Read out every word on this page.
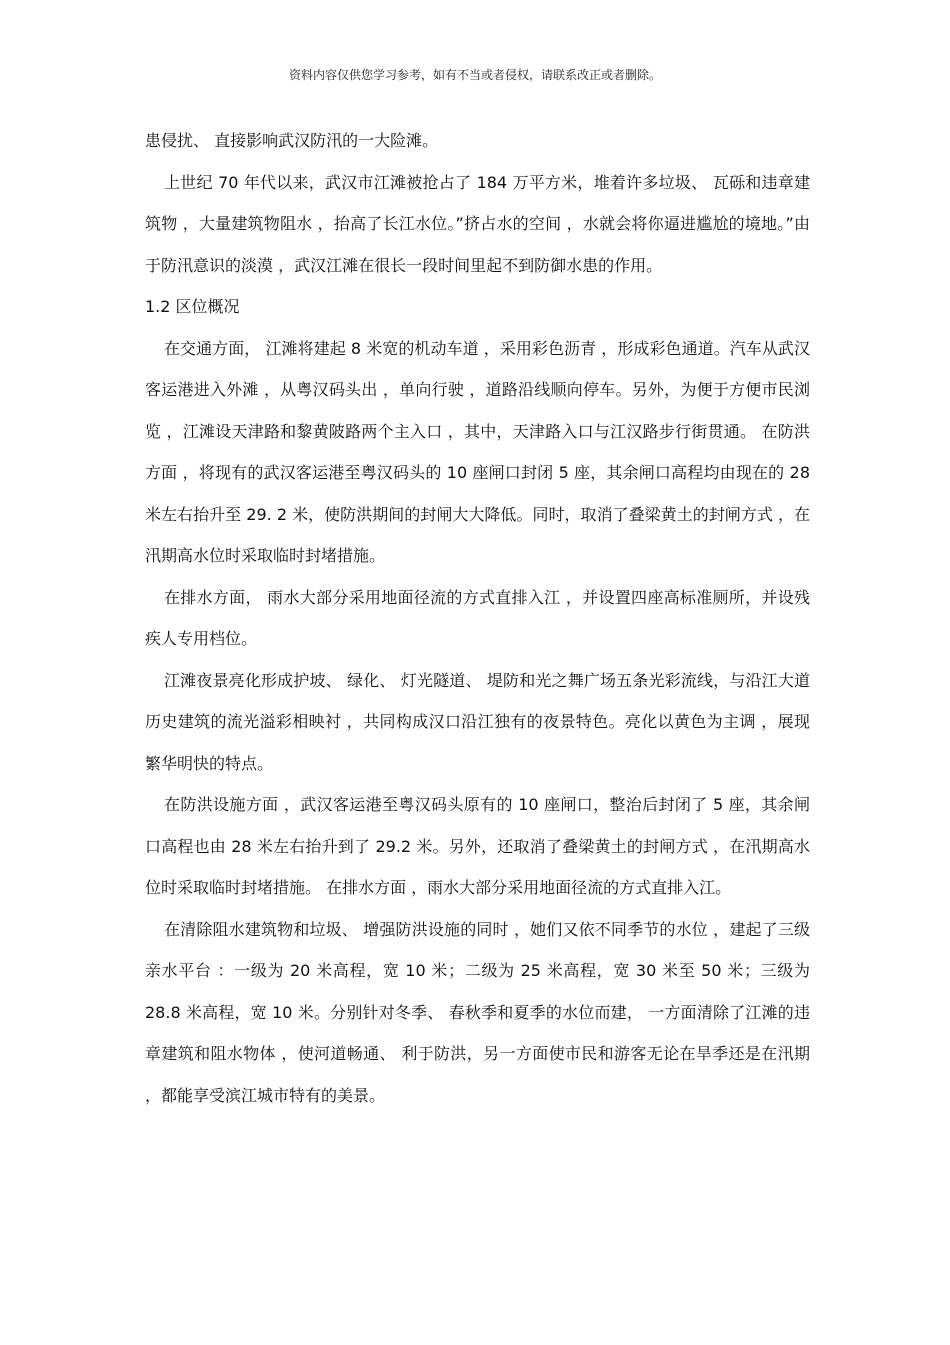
资料内容仅供您学习参考，如有不当或者侵权，请联系改正或者删除。

患侵扰、 直接影响武汉防汛的一大险滩。

上世纪 70 年代以来，武汉市江滩被抢占了 184 万平方米，堆着许多垃圾、 瓦砾和违章建筑物 ，大量建筑物阻水 ，抬高了长江水位。”挤占水的空间 ，水就会将你逼进尴尬的境地。”由于防汛意识的淡漠 ，武汉江滩在很长一段时间里起不到防御水患的作用。

1.2 区位概况

在交通方面， 江滩将建起 8 米宽的机动车道 ，采用彩色沥青 ，形成彩色通道。汽车从武汉客运港进入外滩 ，从粤汉码头出 ，单向行驶 ，道路沿线顺向停车。另外，为便于方便市民浏览 ，江滩设天津路和黎黄陂路两个主入口 ，其中，天津路入口与江汉路步行街贯通。 在防洪方面 ，将现有的武汉客运港至粤汉码头的 10 座闸口封闭 5 座，其余闸口高程均由现在的 28 米左右抬升至 29. 2 米，使防洪期间的封闸大大降低。同时，取消了叠梁黄土的封闸方式 ，在汛期高水位时采取临时封堵措施。

在排水方面， 雨水大部分采用地面径流的方式直排入江 ，并设置四座高标准厕所，并设残疾人专用档位。

江滩夜景亮化形成护坡、 绿化、 灯光隧道、 堤防和光之舞广场五条光彩流线，与沿江大道历史建筑的流光溢彩相映衬 ，共同构成汉口沿江独有的夜景特色。亮化以黄色为主调 ，展现繁华明快的特点。

在防洪设施方面 ，武汉客运港至粤汉码头原有的 10 座闸口，整治后封闭了 5 座，其余闸口高程也由 28 米左右抬升到了 29.2 米。另外，还取消了叠梁黄土的封闸方式 ，在汛期高水位时采取临时封堵措施。 在排水方面 ，雨水大部分采用地面径流的方式直排入江。

在清除阻水建筑物和垃圾、 增强防洪设施的同时 ，她们又依不同季节的水位 ，建起了三级亲水平台 ：一级为 20 米高程，宽 10 米；二级为 25 米高程，宽 30 米至 50 米；三级为 28.8 米高程，宽 10 米。分别针对冬季、 春秋季和夏季的水位而建， 一方面清除了江滩的违章建筑和阻水物体 ，使河道畅通、 利于防洪，另一方面使市民和游客无论在旱季还是在汛期 ，都能享受滨江城市特有的美景。
